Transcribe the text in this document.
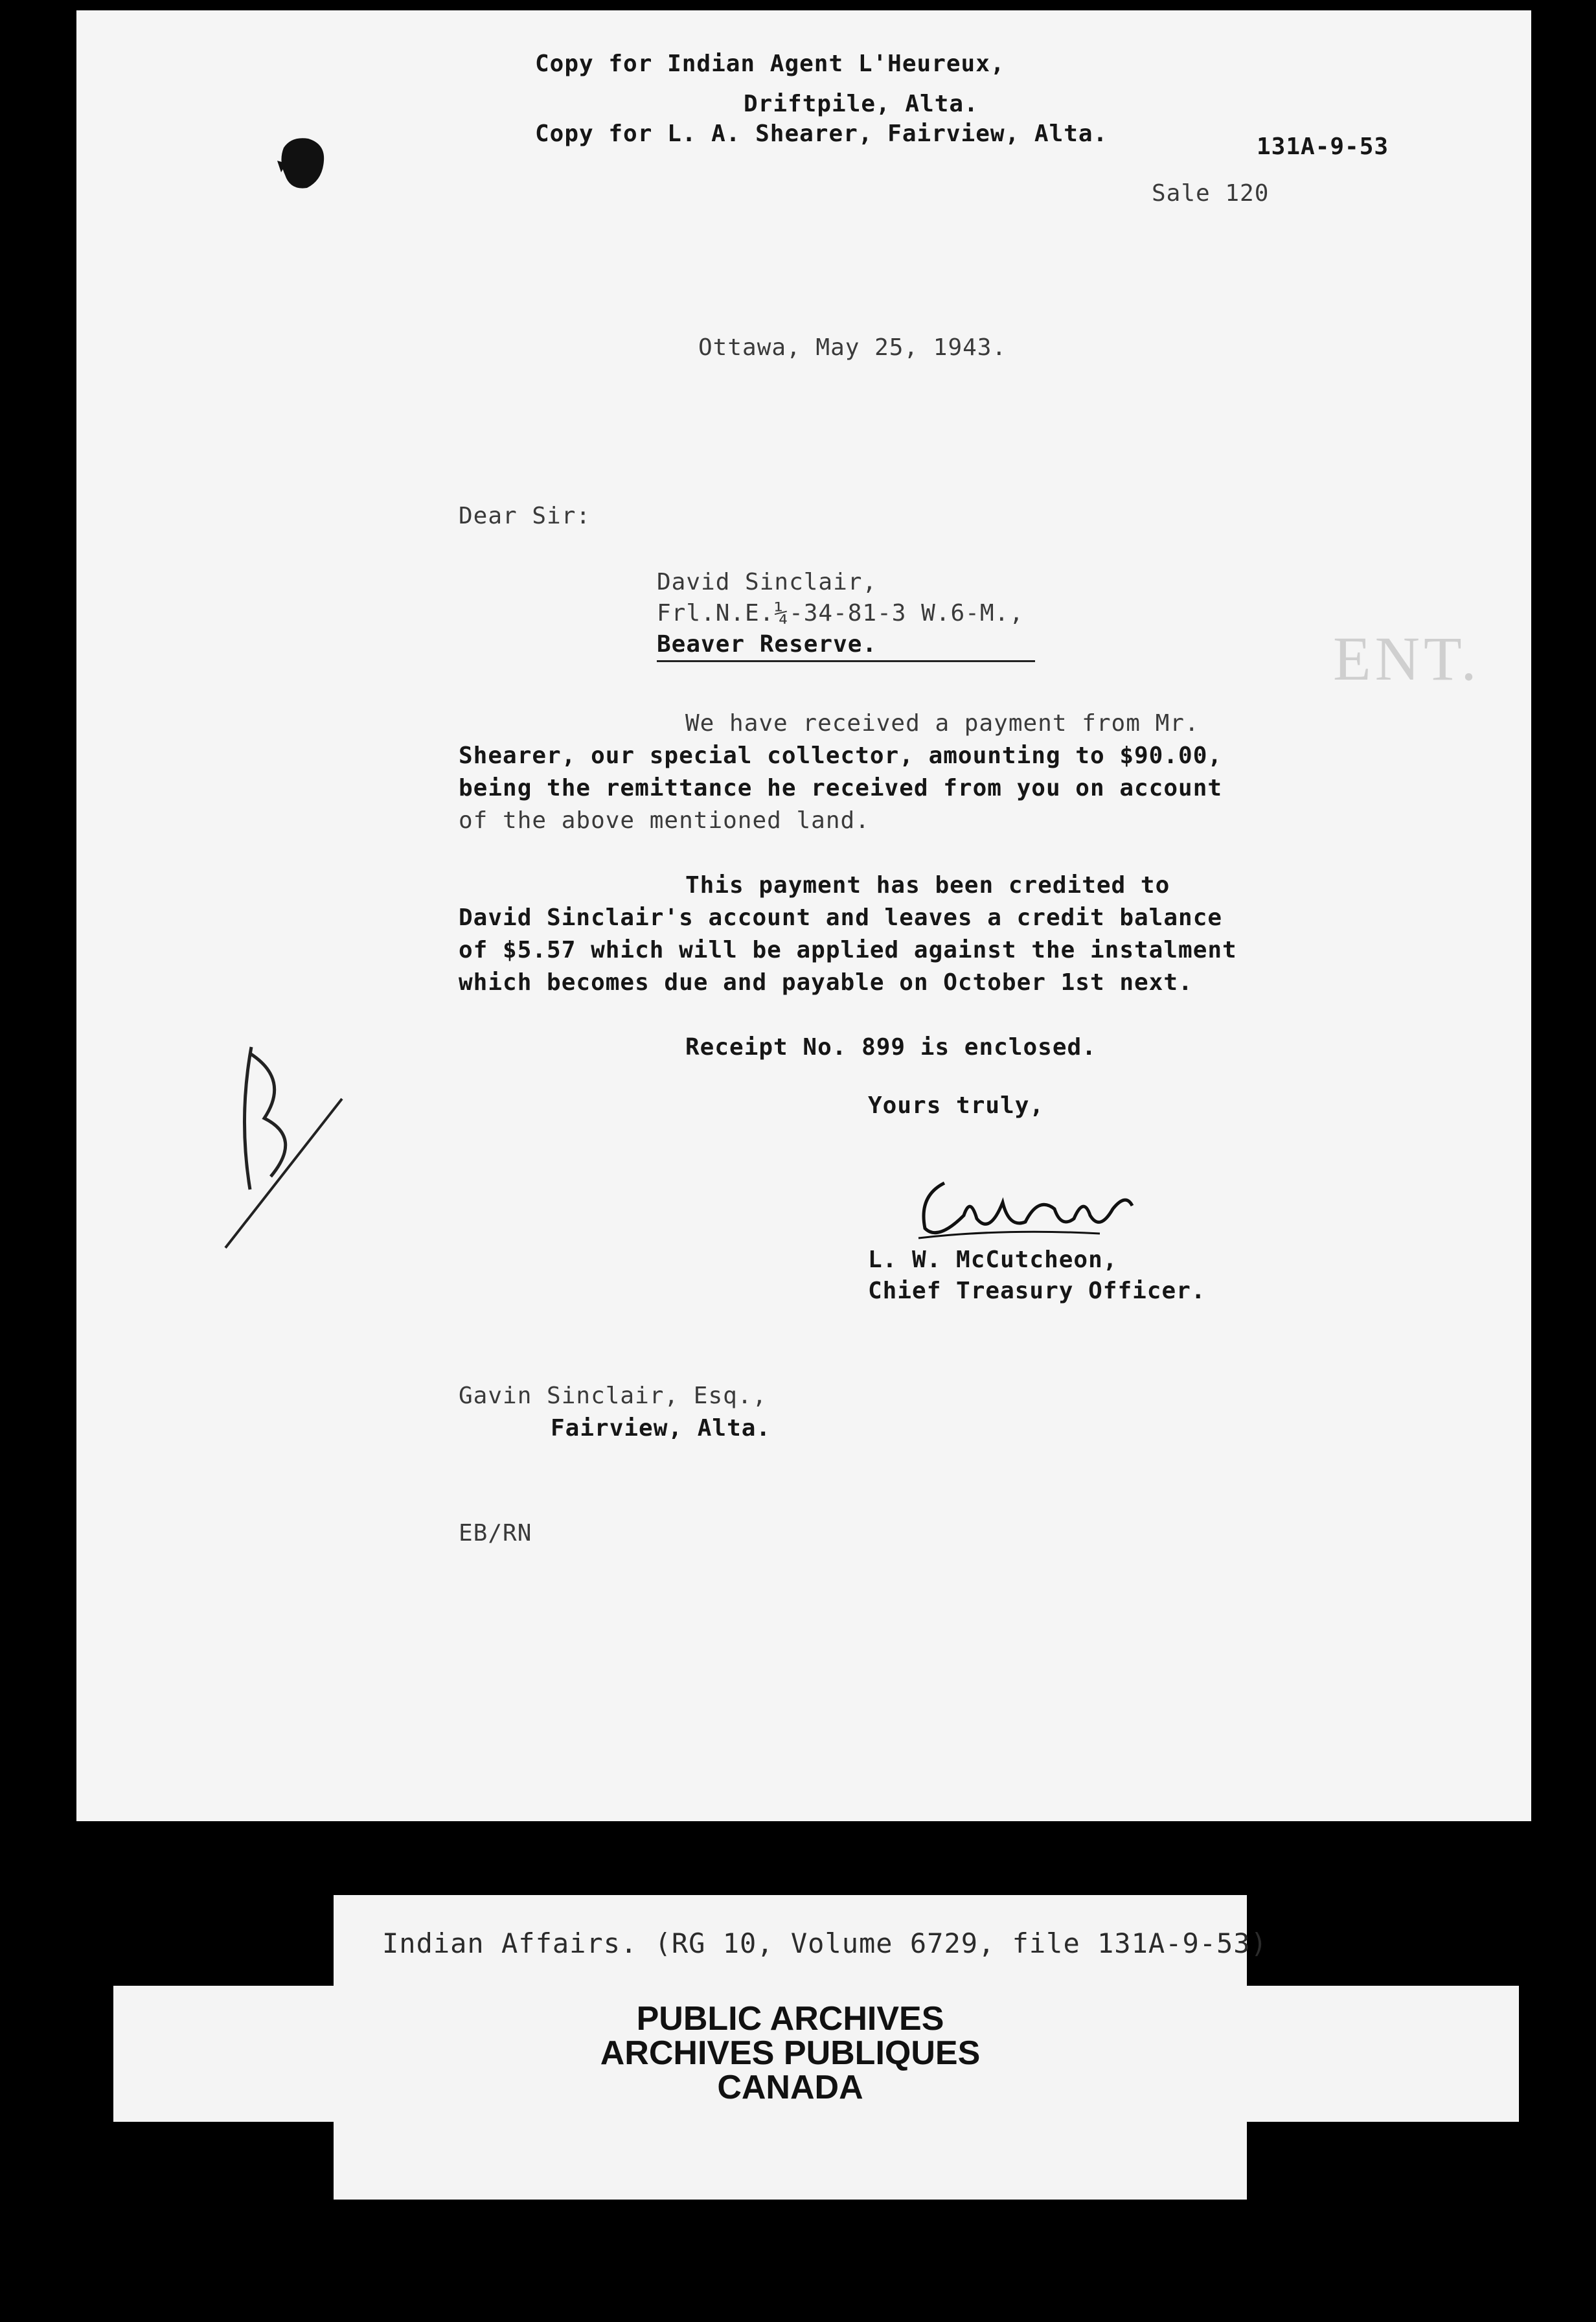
Copy for Indian Agent L'Heureux,
Driftpile, Alta.
Copy for L. A. Shearer, Fairview, Alta.	131A-9-53
Sale 120
Ottawa, May 25, 1943.
Dear Sir:
David Sinclair,
Frl.N.E.¼-34-81-3 W.6-M.,
Beaver Reserve.	ENT.
We have received a payment from Mr.
Shearer, our special collector, amounting to $90.00,
being the remittance he received from you on account
of the above mentioned land.
This payment has been credited to
David Sinclair's account and leaves a credit balance
of $5.57 which will be applied against the instalment
which becomes due and payable on October 1st next.
Receipt No. 899 is enclosed.
Yours truly,
L. W. McCutcheon,
Chief Treasury Officer.
Gavin Sinclair, Esq.,
Fairview, Alta.
EB/RN
Indian Affairs. (RG 10, Volume 6729, file 131A-9-53)
PUBLIC ARCHIVES
ARCHIVES PUBLIQUES
CANADA
